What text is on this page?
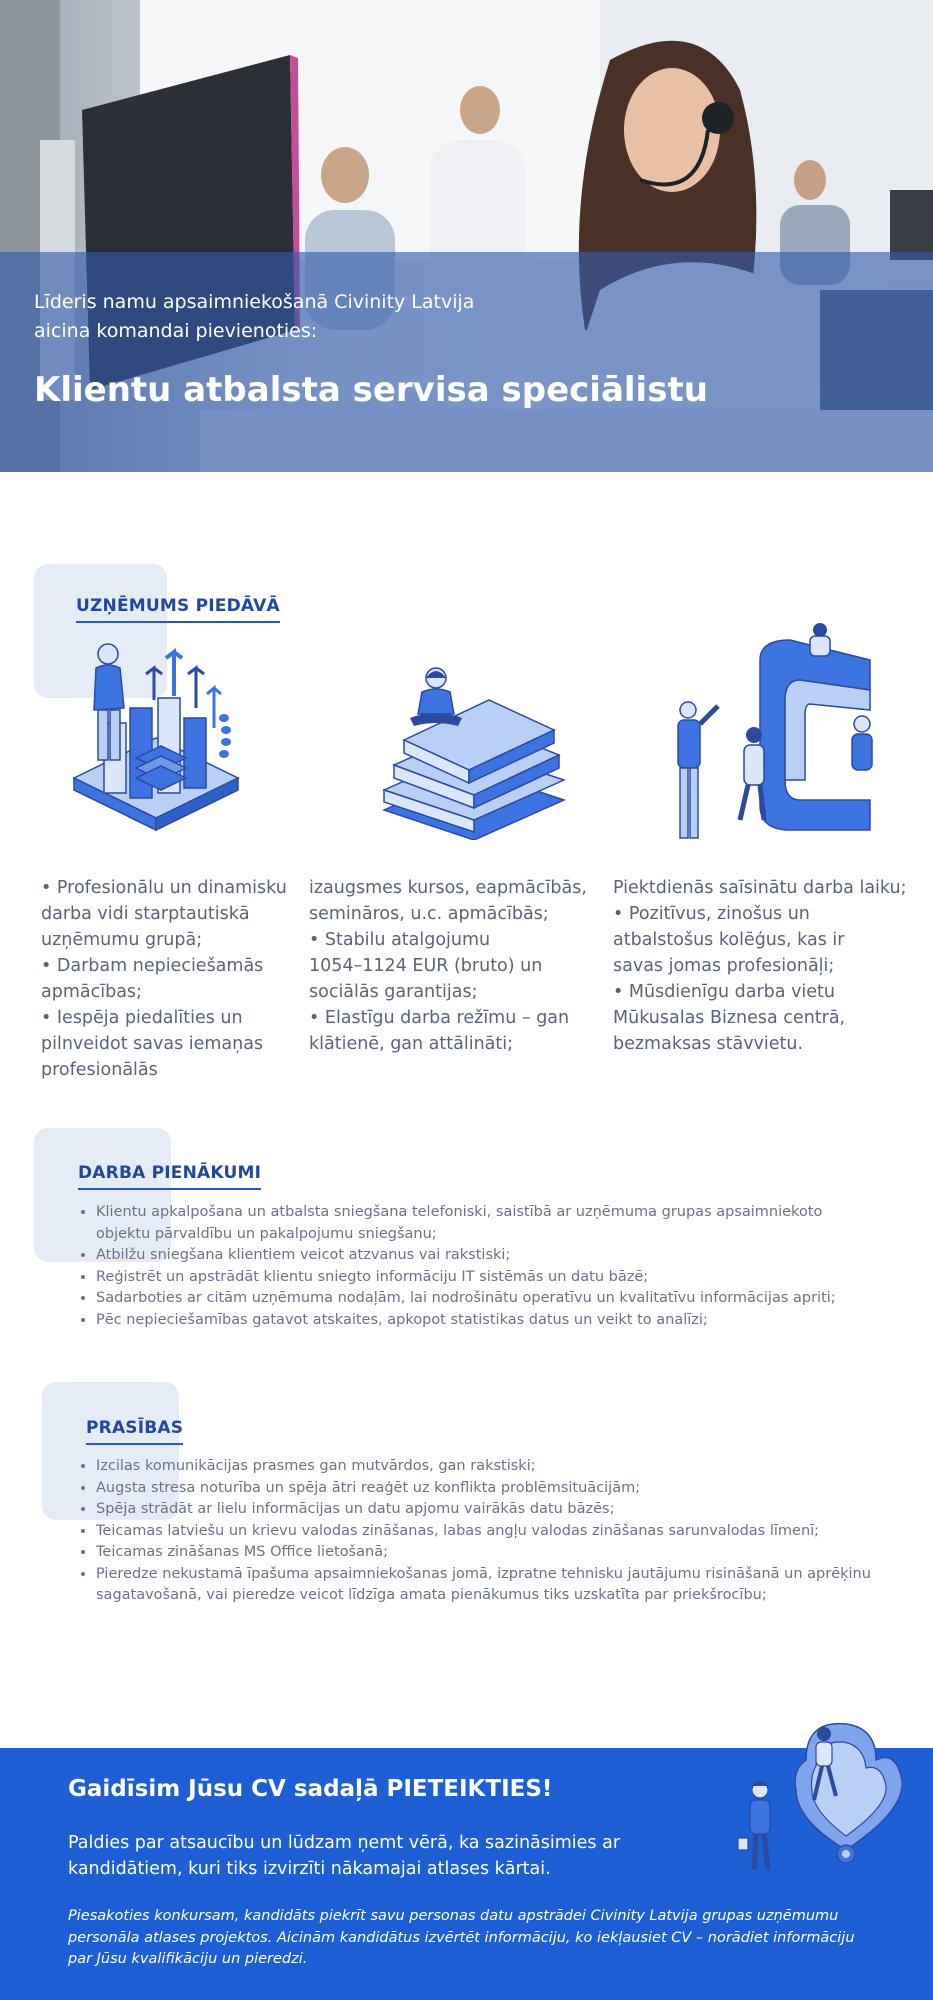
Līderis namu apsaimniekošanā Civinity Latvija
aicina komandai pievienoties:
Klientu atbalsta servisa speciālistu
UZŅĒMUMS PIEDĀVĀ
• Profesionālu un dinamisku
darba vidi starptautiskā
uzņēmumu grupā;
• Darbam nepieciešamās
apmācības;
• Iespēja piedalīties un
pilnveidot savas iemaņas
profesionālās
izaugsmes kursos, eapmācībās,
semināros, u.c. apmācībās;
• Stabilu atalgojumu
1054–1124 EUR (bruto) un
sociālās garantijas;
• Elastīgu darba režīmu – gan
klātienē, gan attālināti;
Piektdienās saīsinātu darba laiku;
• Pozitīvus, zinošus un
atbalstošus kolēģus, kas ir
savas jomas profesionāļi;
• Mūsdienīgu darba vietu
Mūkusalas Biznesa centrā,
bezmaksas stāvvietu.
DARBA PIENĀKUMI
• Klientu apkalpošana un atbalsta sniegšana telefoniski, saistībā ar uzņēmuma grupas apsaimniekoto objektu pārvaldību un pakalpojumu sniegšanu;
• Atbilžu sniegšana klientiem veicot atzvanus vai rakstiski;
• Reģistrēt un apstrādāt klientu sniegto informāciju IT sistēmās un datu bāzē;
• Sadarboties ar citām uzņēmuma nodaļām, lai nodrošinātu operatīvu un kvalitatīvu informācijas apriti;
• Pēc nepieciešamības gatavot atskaites, apkopot statistikas datus un veikt to analīzi;
PRASĪBAS
• Izcilas komunikācijas prasmes gan mutvārdos, gan rakstiski;
• Augsta stresa noturība un spēja ātri reaģēt uz konflikta problēmsituācijām;
• Spēja strādāt ar lielu informācijas un datu apjomu vairākās datu bāzēs;
• Teicamas latviešu un krievu valodas zināšanas, labas angļu valodas zināšanas sarunvalodas līmenī;
• Teicamas zināšanas MS Office lietošanā;
• Pieredze nekustamā īpašuma apsaimniekošanas jomā, izpratne tehnisku jautājumu risināšanā un aprēķinu sagatavošanā, vai pieredze veicot līdzīga amata pienākumus tiks uzskatīta par priekšrocību;
Gaidīsim Jūsu CV sadaļā PIETEIKTIES!
Paldies par atsaucību un lūdzam ņemt vērā, ka sazināsimies ar kandidātiem, kuri tiks izvirzīti nākamajai atlases kārtai.
Piesakoties konkursam, kandidāts piekrīt savu personas datu apstrādei Civinity Latvija grupas uzņēmumu personāla atlases projektos. Aicinām kandidātus izvērtēt informāciju, ko iekļausiet CV – norādiet informāciju par Jūsu kvalifikāciju un pieredzi.
